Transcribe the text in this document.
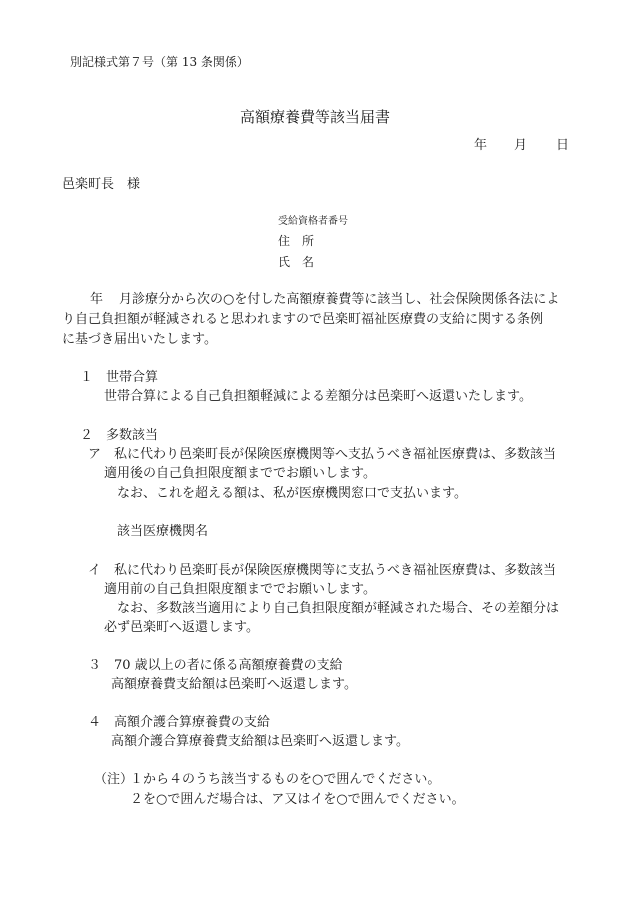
別記様式第７号（第 13 条関係）
高額療養費等該当届書
年 月 日
邑楽町長　様
受給資格者番号
住　所
氏　名
年 月診療分から次の○を付した高額療養費等に該当し、社会保険関係各法によ
り自己負担額が軽減されると思われますので邑楽町福祉医療費の支給に関する条例
に基づき届出いたします。
１　世帯合算
世帯合算による自己負担額軽減による差額分は邑楽町へ返還いたします。
２　多数該当
ア　私に代わり邑楽町長が保険医療機関等へ支払うべき福祉医療費は、多数該当
適用後の自己負担限度額まででお願いします。
なお、これを超える額は、私が医療機関窓口で支払います。
該当医療機関名
イ　私に代わり邑楽町長が保険医療機関等に支払うべき福祉医療費は、多数該当
適用前の自己負担限度額まででお願いします。
なお、多数該当適用により自己負担限度額が軽減された場合、その差額分は
必ず邑楽町へ返還します。
３　70 歳以上の者に係る高額療養費の支給
高額療養費支給額は邑楽町へ返還します。
４　高額介護合算療養費の支給
高額介護合算療養費支給額は邑楽町へ返還します。
（注）
１から４のうち該当するものを○で囲んでください。
２を○で囲んだ場合は、ア又はイを○で囲んでください。
